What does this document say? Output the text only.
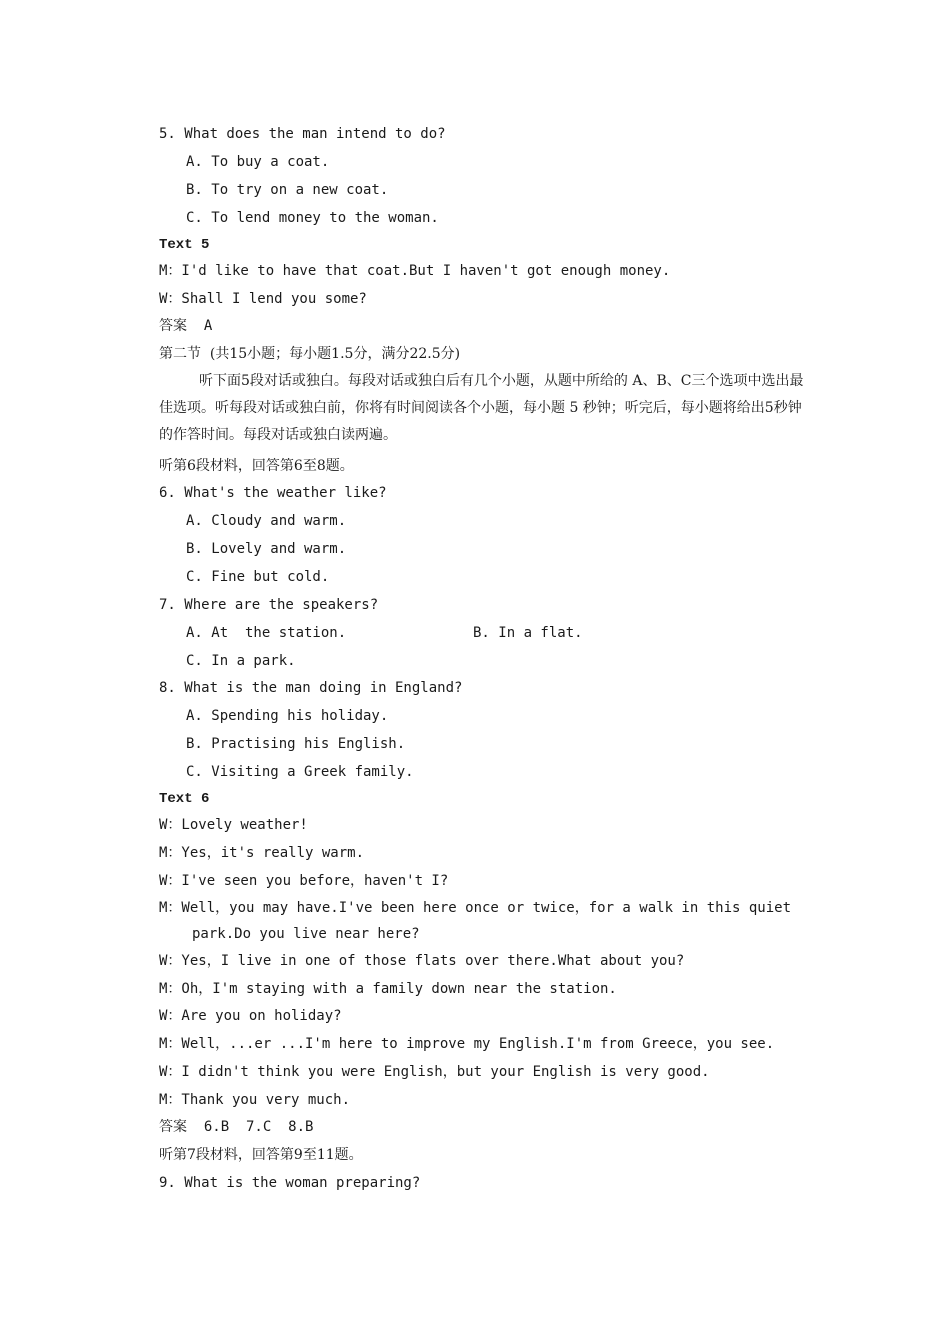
5. What does the man intend to do?
A. To buy a coat.
B. To try on a new coat.
C. To lend money to the woman.
Text 5
M：I'd like to have that coat.But I haven't got enough money.
W：Shall I lend you some?
答案  A
第二节  (共15小题；每小题1.5分，满分22.5分)
听下面5段对话或独白。每段对话或独白后有几个小题，从题中所给的 A、B、C三个选项中选出最佳选项。听每段对话或独白前，你将有时间阅读各个小题，每小题 5 秒钟；听完后，每小题将给出5秒钟的作答时间。每段对话或独白读两遍。
听第6段材料，回答第6至8题。
6. What's the weather like?
A. Cloudy and warm.
B. Lovely and warm.
C. Fine but cold.
7. Where are the speakers?
A. At  the station.	B. In a flat.
C. In a park.
8. What is the man doing in England?
A. Spending his holiday.
B. Practising his English.
C. Visiting a Greek family.
Text 6
W：Lovely weather!
M：Yes，it's really warm.
W：I've seen you before，haven't I?
M：Well，you may have.I've been here once or twice，for a walk in this quiet park.Do you live near here?
W：Yes，I live in one of those flats over there.What about you?
M：Oh，I'm staying with a family down near the station.
W：Are you on holiday?
M：Well，...er ...I'm here to improve my English.I'm from Greece，you see.
W：I didn't think you were English，but your English is very good.
M：Thank you very much.
答案  6.B  7.C  8.B
听第7段材料，回答第9至11题。
9. What is the woman preparing?
